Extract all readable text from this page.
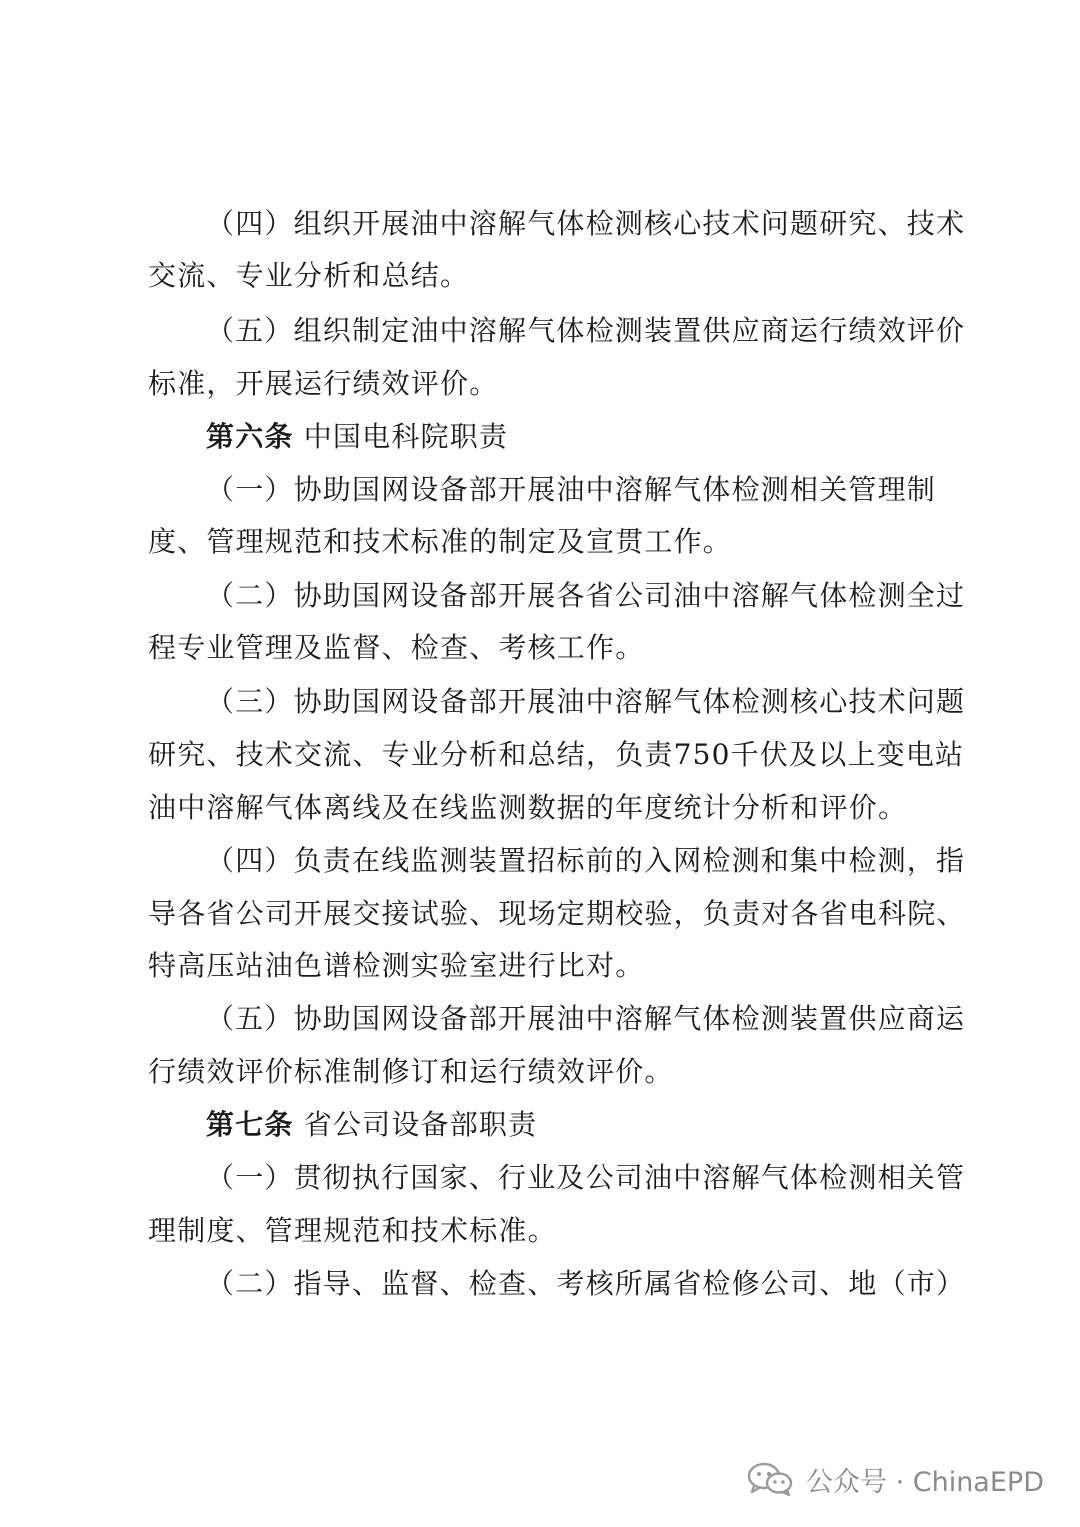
（四）组织开展油中溶解气体检测核心技术问题研究、技术
交流、专业分析和总结。
（五）组织制定油中溶解气体检测装置供应商运行绩效评价
标准，开展运行绩效评价。
第六条 中国电科院职责
（一）协助国网设备部开展油中溶解气体检测相关管理制
度、管理规范和技术标准的制定及宣贯工作。
（二）协助国网设备部开展各省公司油中溶解气体检测全过
程专业管理及监督、检查、考核工作。
（三）协助国网设备部开展油中溶解气体检测核心技术问题
研究、技术交流、专业分析和总结，负责750千伏及以上变电站
油中溶解气体离线及在线监测数据的年度统计分析和评价。
（四）负责在线监测装置招标前的入网检测和集中检测，指
导各省公司开展交接试验、现场定期校验，负责对各省电科院、
特高压站油色谱检测实验室进行比对。
（五）协助国网设备部开展油中溶解气体检测装置供应商运
行绩效评价标准制修订和运行绩效评价。
第七条 省公司设备部职责
（一）贯彻执行国家、行业及公司油中溶解气体检测相关管
理制度、管理规范和技术标准。
（二）指导、监督、检查、考核所属省检修公司、地（市）
公众号 · ChinaEPD
